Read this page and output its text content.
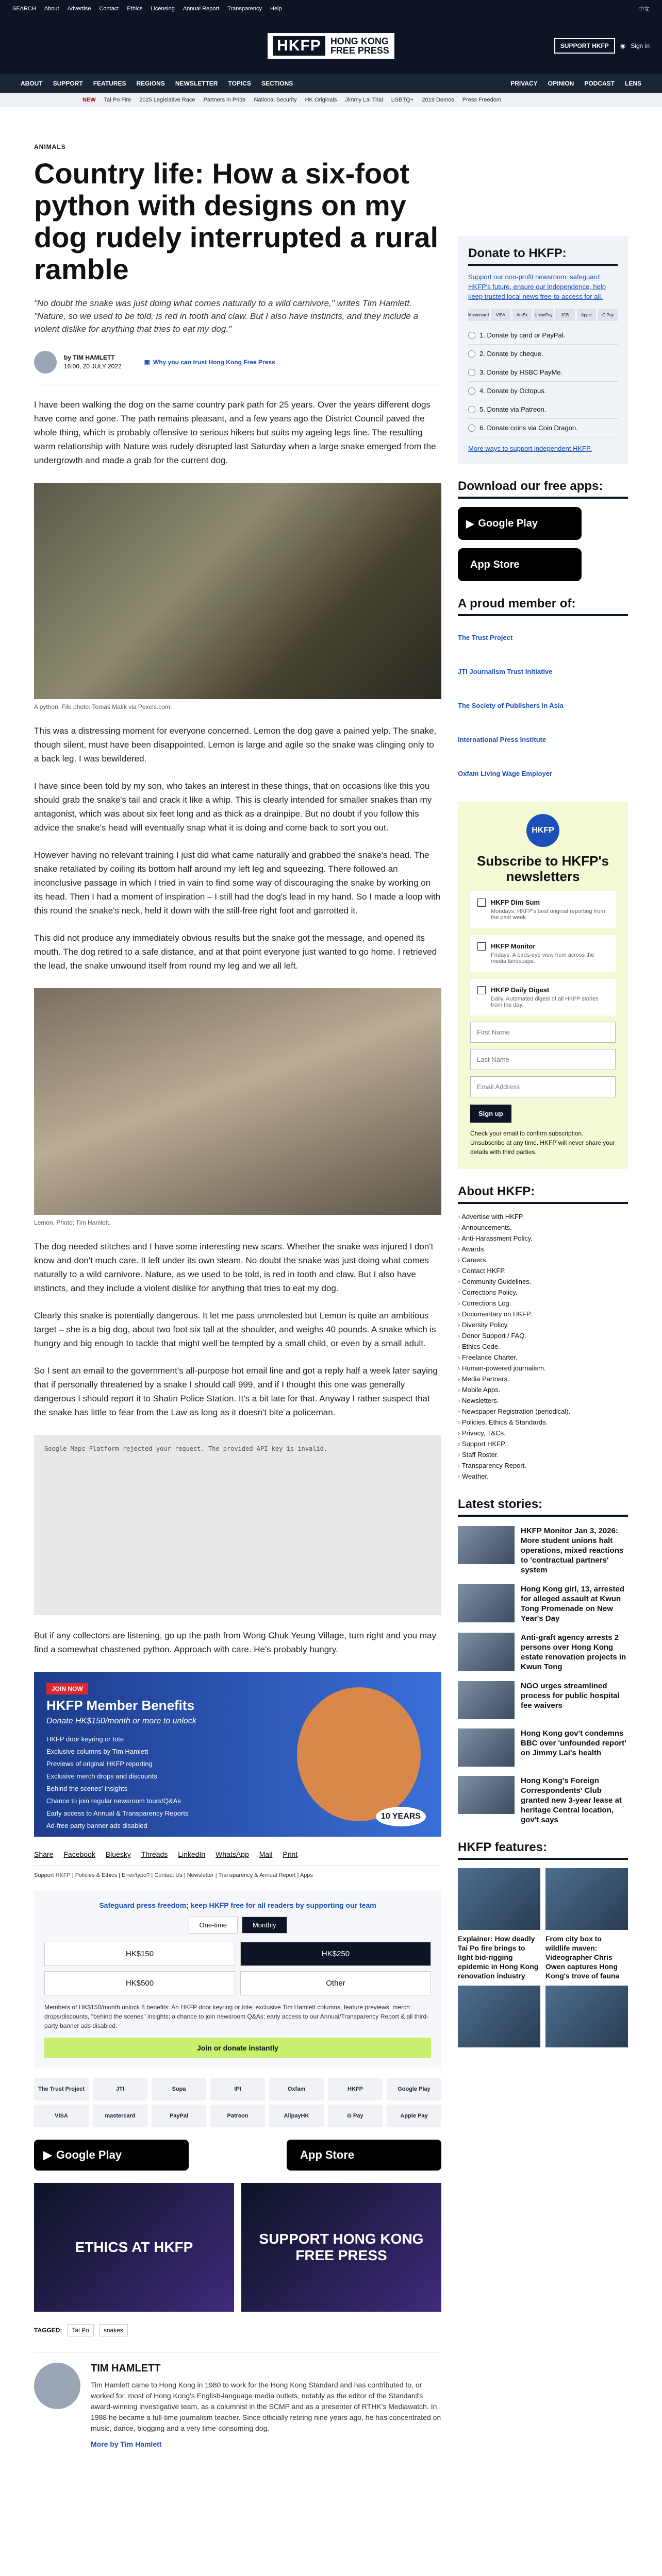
SEARCH About Advertise Contact Ethics Licensing Annual Report Transparency Help	中文
HKFP	HONG KONG
FREE PRESS	SUPPORT HKFP	◉ Sign in
ABOUT SUPPORT FEATURES REGIONS NEWSLETTER TOPICS SECTIONS	PRIVACY OPINION PODCAST LENS
NEW Tai Po Fire 2025 Legislative Race Partners in Pride National Security HK Originals Jimmy Lai Trial LGBTQ+ 2019 Demos Press Freedom
ANIMALS
Country life: How a six-foot python with designs on my dog rudely interrupted a rural ramble

"No doubt the snake was just doing what comes naturally to a wild carnivore," writes Tim Hamlett. "Nature, so we used to be told, is red in tooth and claw. But I also have instincts, and they include a violent dislike for anything that tries to eat my dog."

by TIM HAMLETT
16:00, 20 JULY 2022
▣ Why you can trust Hong Kong Free Press

I have been walking the dog on the same country park path for 25 years. Over the years different dogs have come and gone. The path remains pleasant, and a few years ago the District Council paved the whole thing, which is probably offensive to serious hikers but suits my ageing legs fine. The resulting warm relationship with Nature was rudely disrupted last Saturday when a large snake emerged from the undergrowth and made a grab for the current dog.

A python. File photo: Tomáš Malík via Pexels.com.

This was a distressing moment for everyone concerned. Lemon the dog gave a pained yelp. The snake, though silent, must have been disappointed. Lemon is large and agile so the snake was clinging only to a back leg. I was bewildered.

I have since been told by my son, who takes an interest in these things, that on occasions like this you should grab the snake's tail and crack it like a whip. This is clearly intended for smaller snakes than my antagonist, which was about six feet long and as thick as a drainpipe. But no doubt if you follow this advice the snake's head will eventually snap what it is doing and come back to sort you out.

However having no relevant training I just did what came naturally and grabbed the snake's head. The snake retaliated by coiling its bottom half around my left leg and squeezing. There followed an inconclusive passage in which I tried in vain to find some way of discouraging the snake by working on its head. Then I had a moment of inspiration – I still had the dog's lead in my hand. So I made a loop with this round the snake's neck, held it down with the still-free right foot and garrotted it.

This did not produce any immediately obvious results but the snake got the message, and opened its mouth. The dog retired to a safe distance, and at that point everyone just wanted to go home. I retrieved the lead, the snake unwound itself from round my leg and we all left.

Lemon. Photo: Tim Hamlett.

The dog needed stitches and I have some interesting new scars. Whether the snake was injured I don't know and don't much care. It left under its own steam. No doubt the snake was just doing what comes naturally to a wild carnivore. Nature, as we used to be told, is red in tooth and claw. But I also have instincts, and they include a violent dislike for anything that tries to eat my dog.

Clearly this snake is potentially dangerous. It let me pass unmolested but Lemon is quite an ambitious target – she is a big dog, about two foot six tall at the shoulder, and weighs 40 pounds. A snake which is hungry and big enough to tackle that might well be tempted by a small child, or even by a small adult.

So I sent an email to the government's all-purpose hot email line and got a reply half a week later saying that if personally threatened by a snake I should call 999, and if I thought this one was generally dangerous I should report it to Shatin Police Station. It's a bit late for that. Anyway I rather suspect that the snake has little to fear from the Law as long as it doesn't bite a policeman.

Google Maps Platform rejected your request. The provided API key is invalid.

But if any collectors are listening, go up the path from Wong Chuk Yeung Village, turn right and you may find a somewhat chastened python. Approach with care. He's probably hungry.

JOIN NOW
HKFP Member Benefits
Donate HK$150/month or more to unlock
HKFP door keyring or tote
Exclusive columns by Tim Hamlett
Previews of original HKFP reporting
Exclusive merch drops and discounts
Behind the scenes' insights
Chance to join regular newsroom tours/Q&As
Early access to Annual & Transparency Reports
Ad-free party banner ads disabled
10 YEARS
Share Facebook Bluesky Threads LinkedIn WhatsApp Mail Print
Support HKFP | Policies & Ethics | Error/typo? | Contact Us | Newsletter | Transparency & Annual Report | Apps
Safeguard press freedom; keep HKFP free for all readers by supporting our team
One-time	Monthly
HK$150	HK$250
HK$500	Other
Members of HK$150/month unlock 8 benefits: An HKFP door keyring or tote; exclusive Tim Hamlett columns, feature previews, merch drops/discounts, "behind the scenes" insights; a chance to join newsroom Q&As; early access to our Annual/Transparency Report & all third-party banner ads disabled.
Join or donate instantly
The Trust Project	JTI	Sopa	IPI	Oxfam	HKFP	Google Play
VISA	mastercard	PayPal	Patreon	AlipayHK	G Pay	Apple Pay
▶ Google Play	App Store
ETHICS AT HKFP
SUPPORT HONG KONG FREE PRESS
TAGGED:	Tai Po	snakes
TIM HAMLETT

Tim Hamlett came to Hong Kong in 1980 to work for the Hong Kong Standard and has contributed to, or worked for, most of Hong Kong's English-language media outlets, notably as the editor of the Standard's award-winning investigative team, as a columnist in the SCMP and as a presenter of RTHK's Mediawatch. In 1988 he became a full-time journalism teacher. Since officially retiring nine years ago, he has concentrated on music, dance, blogging and a very time-consuming dog.

More by Tim Hamlett
Donate to HKFP:

Support our non-profit newsroom: safeguard HKFP's future, ensure our independence, help keep trusted local news free-to-access for all.

Mastercard	VISA	AmEx	UnionPay	JCB	Apple	G Pay
1. Donate by card or PayPal.
2. Donate by cheque.
3. Donate by HSBC PayMe.
4. Donate by Octopus.
5. Donate via Patreon.
6. Donate coins via Coin Dragon.

More ways to support independent HKFP.

Download our free apps:
▶ Google Play
App Store
A proud member of:
The Trust Project
JTI Journalism Trust Initiative
The Society of Publishers in Asia
International Press Institute
Oxfam Living Wage Employer
HKFP
Subscribe to HKFP's newsletters
HKFP Dim Sum
Mondays. HKFP's best original reporting from the past week.
HKFP Monitor
Fridays. A birds-eye view from across the media landscape.
HKFP Daily Digest
Daily. Automated digest of all HKFP stories from the day.
First Name
Last Name
Email Address
Sign up
Check your email to confirm subscription. Unsubscribe at any time. HKFP will never share your details with third parties.
About HKFP:
› Advertise with HKFP.
› Announcements.
› Anti-Harassment Policy.
› Awards.
› Careers.
› Contact HKFP.
› Community Guidelines.
› Corrections Policy.
› Corrections Log.
› Documentary on HKFP.
› Diversity Policy.
› Donor Support / FAQ.
› Ethics Code.
› Freelance Charter.
› Human-powered journalism.
› Media Partners.
› Mobile Apps.
› Newsletters.
› Newspaper Registration (periodical).
› Policies, Ethics & Standards.
› Privacy, T&Cs.
› Support HKFP.
› Staff Roster.
› Transparency Report.
› Weather.
Latest stories:
HKFP Monitor Jan 3, 2026: More student unions halt operations, mixed reactions to 'contractual partners' system
Hong Kong girl, 13, arrested for alleged assault at Kwun Tong Promenade on New Year's Day
Anti-graft agency arrests 2 persons over Hong Kong estate renovation projects in Kwun Tong
NGO urges streamlined process for public hospital fee waivers
Hong Kong gov't condemns BBC over 'unfounded report' on Jimmy Lai's health
Hong Kong's Foreign Correspondents' Club granted new 3-year lease at heritage Central location, gov't says
HKFP features:
Explainer: How deadly Tai Po fire brings to light bid-rigging epidemic in Hong Kong renovation industry
From city box to wildlife maven: Videographer Chris Owen captures Hong Kong's trove of fauna
